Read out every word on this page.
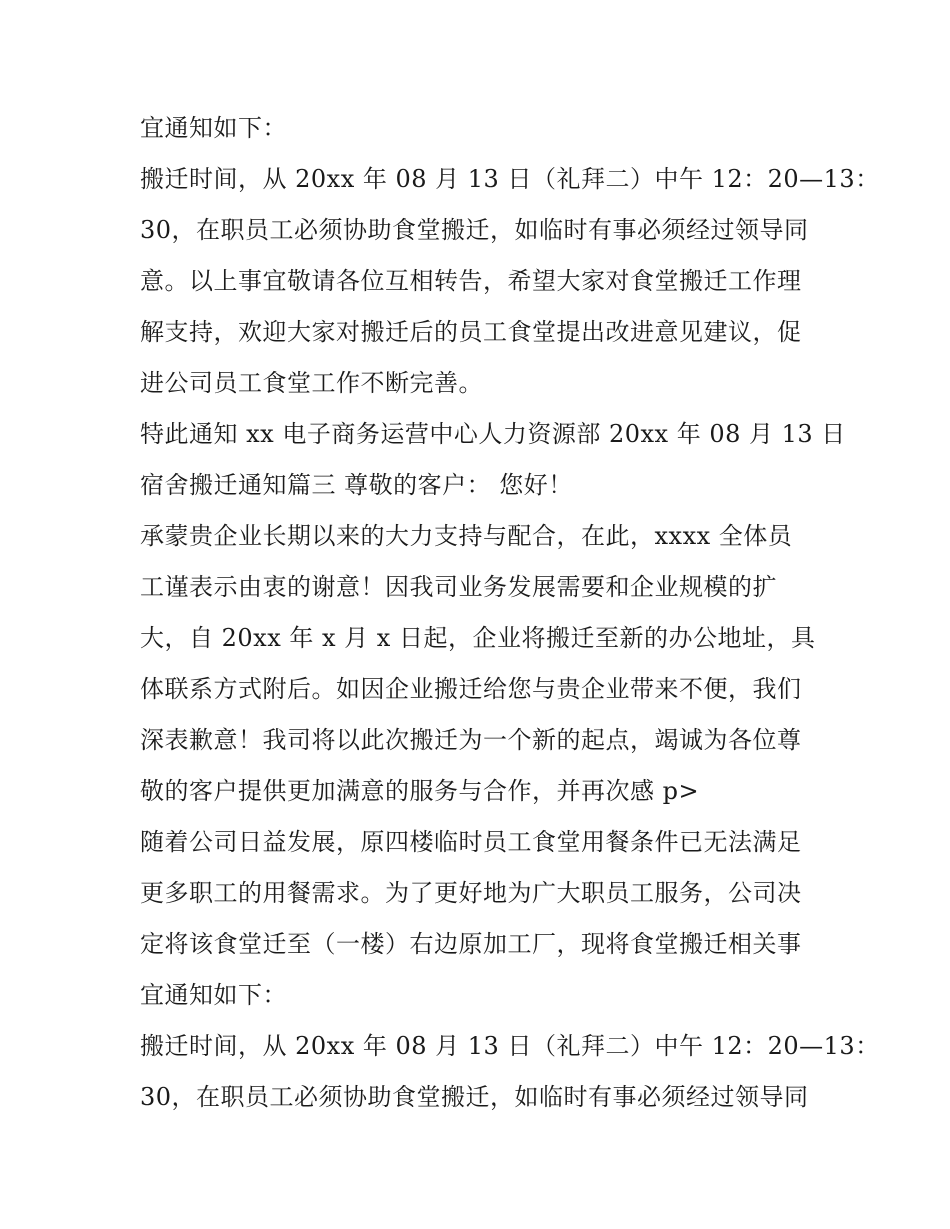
宜通知如下：
搬迁时间，从 20xx 年 08 月 13 日（礼拜二）中午 12：20—13：
30，在职员工必须协助食堂搬迁，如临时有事必须经过领导同
意。以上事宜敬请各位互相转告，希望大家对食堂搬迁工作理
解支持，欢迎大家对搬迁后的员工食堂提出改进意见建议，促
进公司员工食堂工作不断完善。
特此通知 xx 电子商务运营中心人力资源部 20xx 年 08 月 13 日
宿舍搬迁通知篇三 尊敬的客户： 您好！
承蒙贵企业长期以来的大力支持与配合，在此，xxxx 全体员
工谨表示由衷的谢意！因我司业务发展需要和企业规模的扩
大，自 20xx 年 x 月 x 日起，企业将搬迁至新的办公地址，具
体联系方式附后。如因企业搬迁给您与贵企业带来不便，我们
深表歉意！我司将以此次搬迁为一个新的起点，竭诚为各位尊
敬的客户提供更加满意的服务与合作，并再次感 p>
随着公司日益发展，原四楼临时员工食堂用餐条件已无法满足
更多职工的用餐需求。为了更好地为广大职员工服务，公司决
定将该食堂迁至（一楼）右边原加工厂，现将食堂搬迁相关事
宜通知如下：
搬迁时间，从 20xx 年 08 月 13 日（礼拜二）中午 12：20—13：
30，在职员工必须协助食堂搬迁，如临时有事必须经过领导同
